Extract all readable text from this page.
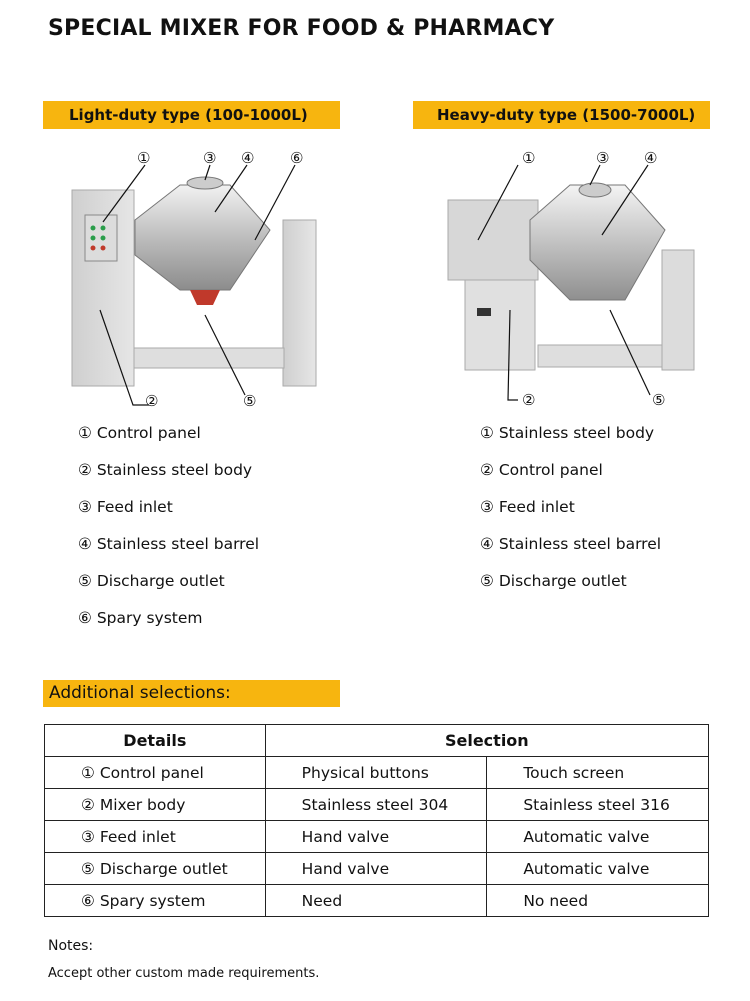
SPECIAL MIXER FOR FOOD & PHARMACY
Light-duty type (100-1000L)	Heavy-duty type (1500-7000L)
①	③ ④ ⑥
②	⑤
①	③ ④
②	⑤
① Control panel
② Stainless steel body
③ Feed inlet
④ Stainless steel barrel
⑤ Discharge outlet
⑥ Spary system
① Stainless steel body
② Control panel
③ Feed inlet
④ Stainless steel barrel
⑤ Discharge outlet
Additional selections:
Details	Selection	
① Control panel	Physical buttons	Touch screen
② Mixer body	Stainless steel 304	Stainless steel 316
③ Feed inlet	Hand valve	Automatic valve
⑤ Discharge outlet	Hand valve	Automatic valve
⑥ Spary system	Need	No need
Notes:
Accept other custom made requirements.
